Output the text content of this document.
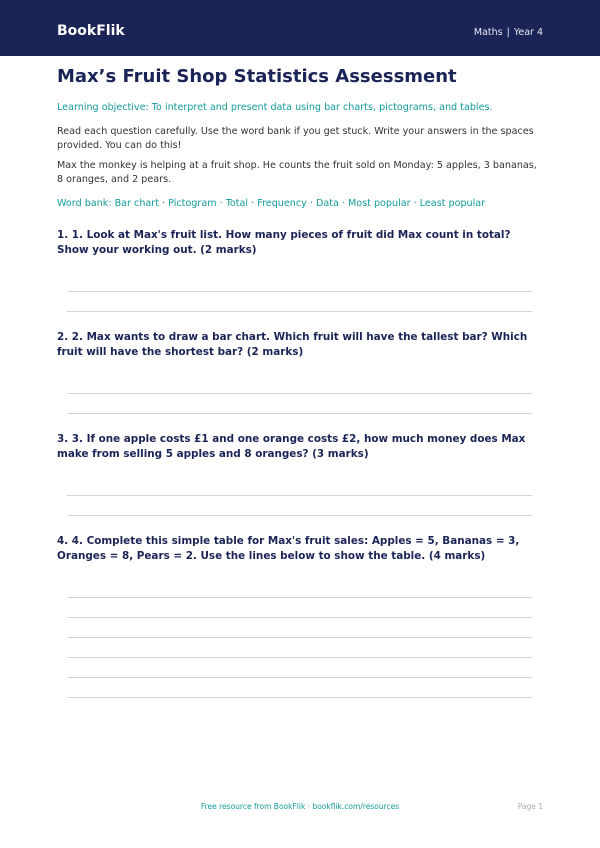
BookFlik	Maths | Year 4
Max’s Fruit Shop Statistics Assessment
Learning objective: To interpret and present data using bar charts, pictograms, and tables.
Read each question carefully. Use the word bank if you get stuck. Write your answers in the spaces provided. You can do this!
Max the monkey is helping at a fruit shop. He counts the fruit sold on Monday: 5 apples, 3 bananas, 8 oranges, and 2 pears.
Word bank: Bar chart · Pictogram · Total · Frequency · Data · Most popular · Least popular
1. 1. Look at Max's fruit list. How many pieces of fruit did Max count in total? Show your working out. (2 marks)
2. 2. Max wants to draw a bar chart. Which fruit will have the tallest bar? Which fruit will have the shortest bar? (2 marks)
3. 3. If one apple costs £1 and one orange costs £2, how much money does Max make from selling 5 apples and 8 oranges? (3 marks)
4. 4. Complete this simple table for Max's fruit sales: Apples = 5, Bananas = 3, Oranges = 8, Pears = 2. Use the lines below to show the table. (4 marks)
Free resource from BookFlik · bookflik.com/resources	Page 1
